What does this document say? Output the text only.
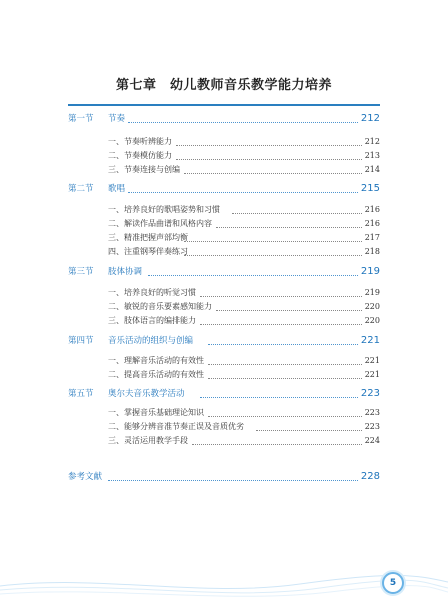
第七章　幼儿教师音乐教学能力培养
第一节 节奏	212
一、节奏听辨能力	212
二、节奏模仿能力	213
三、节奏连接与创编	214
第二节 歌唱	215
一、培养良好的歌唱姿势和习惯	216
二、解读作品曲谱和风格内容	216
三、精准把握声部均衡	217
四、注重钢琴伴奏练习	218
第三节 肢体协调	219
一、培养良好的听觉习惯	219
二、敏锐的音乐要素感知能力	220
三、肢体语言的编排能力	220
第四节 音乐活动的组织与创编	221
一、理解音乐活动的有效性	221
二、提高音乐活动的有效性	221
第五节 奥尔夫音乐教学活动	223
一、掌握音乐基础理论知识	223
二、能够分辨音准节奏正误及音质优劣	223
三、灵活运用教学手段	224
参考文献	228
5
